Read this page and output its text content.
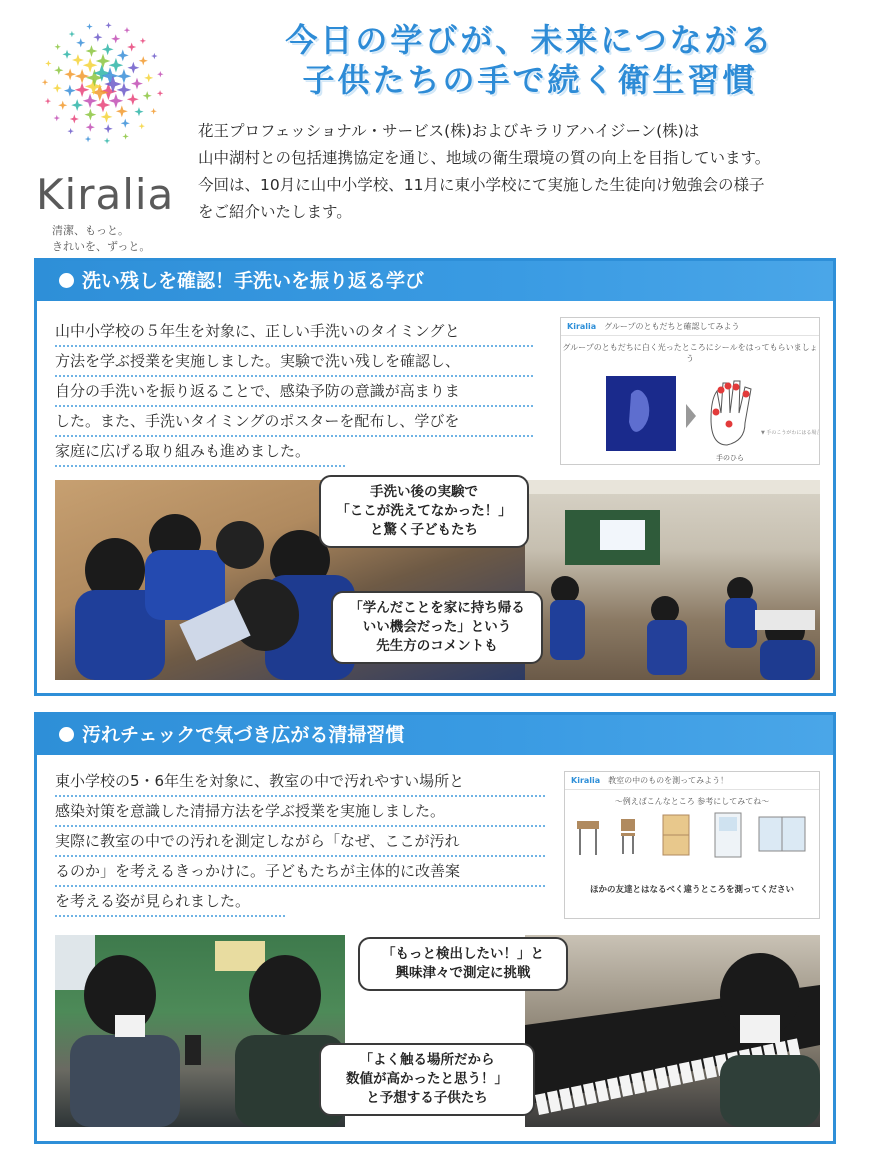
Kiralia
清潔、もっと。
きれいを、ずっと。
今日の学びが、未来につながる
子供たちの手で続く衛生習慣
花王プロフェッショナル・サービス(株)およびキラリアハイジーン(株)は
山中湖村との包括連携協定を通じ、地域の衛生環境の質の向上を目指しています。
今回は、10月に山中小学校、11月に東小学校にて実施した生徒向け勉強会の様子
をご紹介いたします。
洗い残しを確認！手洗いを振り返る学び
山中小学校の５年生を対象に、正しい手洗いのタイミングと
方法を学ぶ授業を実施しました。実験で洗い残しを確認し、
自分の手洗いを振り返ることで、感染予防の意識が高まりま
した。また、手洗いタイミングのポスターを配布し、学びを
家庭に広げる取り組みも進めました。
Kiralia　 グループのともだちと確認してみよう
グループのともだちに白く光ったところにシールをはってもらいましょう
▼ 手のこうがわにはる場合
手のひら
手洗い後の実験で
「ここが洗えてなかった！」
と驚く子どもたち
「学んだことを家に持ち帰る
いい機会だった」という
先生方のコメントも
汚れチェックで気づき広がる清掃習慣
東小学校の5・6年生を対象に、教室の中で汚れやすい場所と
感染対策を意識した清掃方法を学ぶ授業を実施しました。
実際に教室の中での汚れを測定しながら「なぜ、ここが汚れ
るのか」を考えるきっかけに。子どもたちが主体的に改善案
を考える姿が見られました。
Kiralia　 教室の中のものを測ってみよう！
〜例えばこんなところ 参考にしてみてね〜
ほかの友達とはなるべく違うところを測ってください
「もっと検出したい！」と
興味津々で測定に挑戦
「よく触る場所だから
数値が高かったと思う！」
と予想する子供たち
